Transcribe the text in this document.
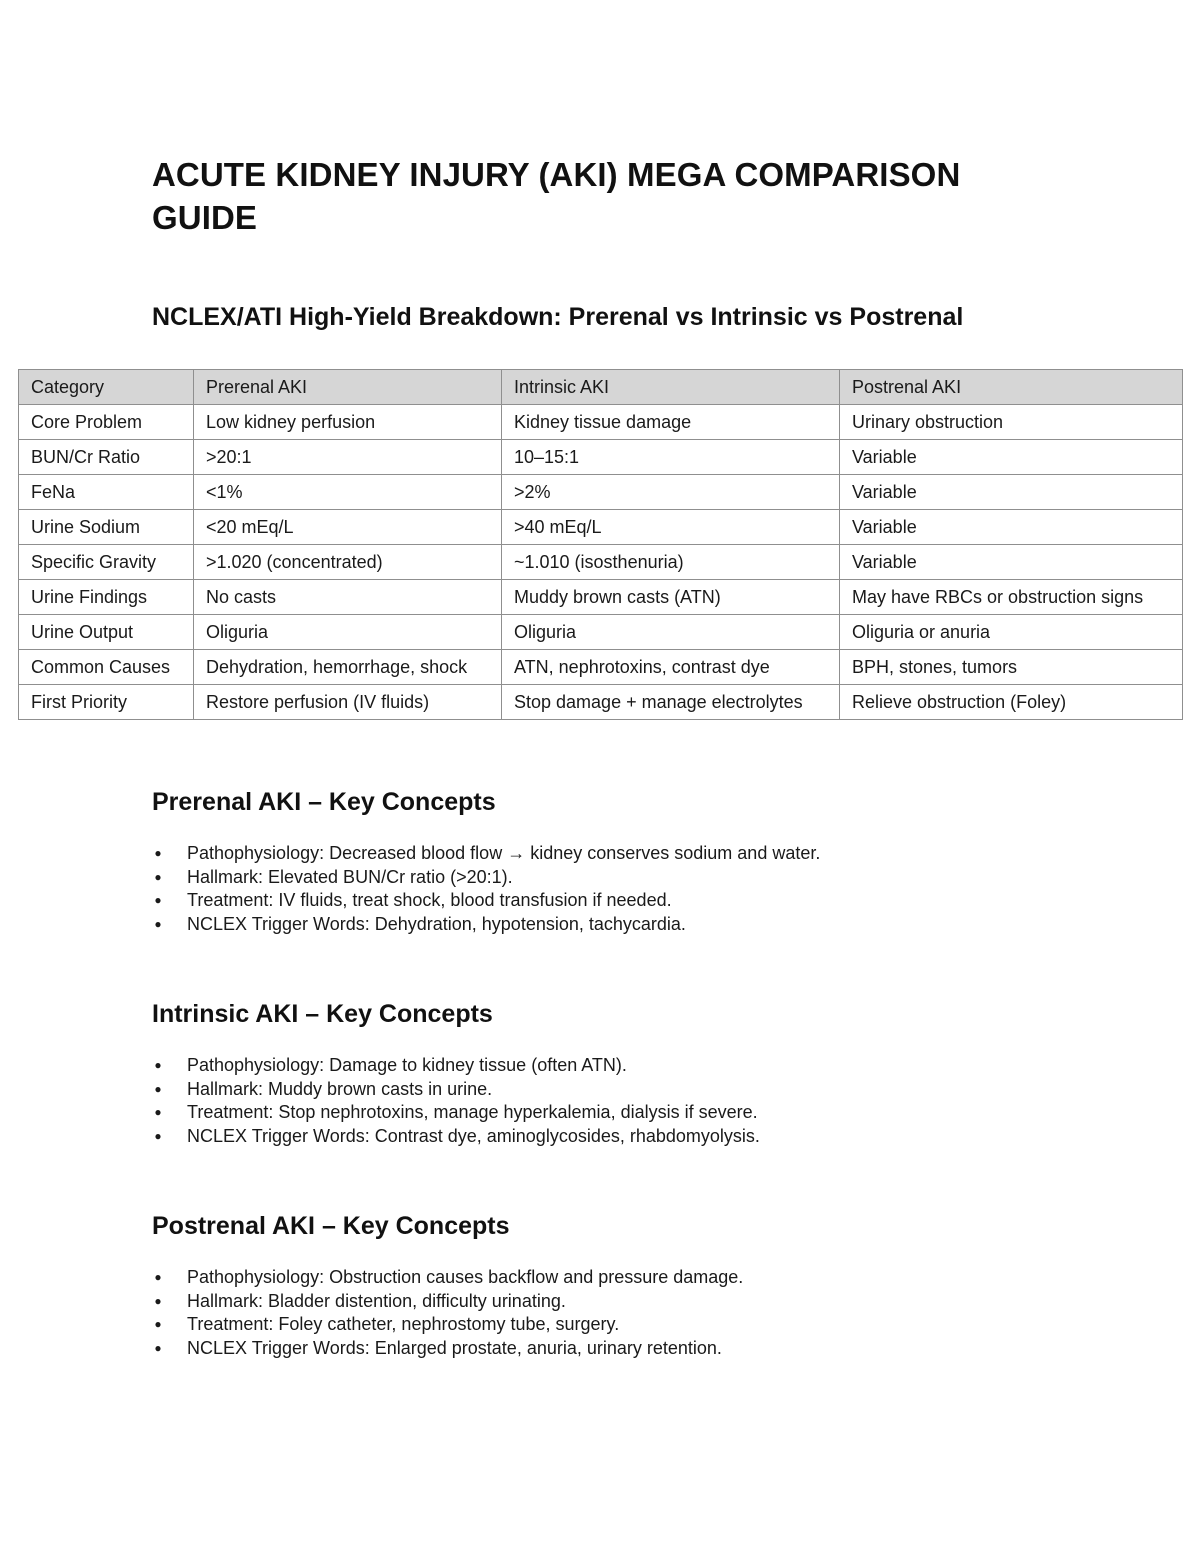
ACUTE KIDNEY INJURY (AKI) MEGA COMPARISON GUIDE
NCLEX/ATI High-Yield Breakdown: Prerenal vs Intrinsic vs Postrenal
Category	Prerenal AKI	Intrinsic AKI	Postrenal AKI
Core Problem	Low kidney perfusion	Kidney tissue damage	Urinary obstruction
BUN/Cr Ratio	>20:1	10–15:1	Variable
FeNa	<1%	>2%	Variable
Urine Sodium	<20 mEq/L	>40 mEq/L	Variable
Specific Gravity	>1.020 (concentrated)	~1.010 (isosthenuria)	Variable
Urine Findings	No casts	Muddy brown casts (ATN)	May have RBCs or obstruction signs
Urine Output	Oliguria	Oliguria	Oliguria or anuria
Common Causes	Dehydration, hemorrhage, shock	ATN, nephrotoxins, contrast dye	BPH, stones, tumors
First Priority	Restore perfusion (IV fluids)	Stop damage + manage electrolytes	Relieve obstruction (Foley)
Prerenal AKI – Key Concepts
● Pathophysiology: Decreased blood flow → kidney conserves sodium and water.
● Hallmark: Elevated BUN/Cr ratio (>20:1).
● Treatment: IV fluids, treat shock, blood transfusion if needed.
● NCLEX Trigger Words: Dehydration, hypotension, tachycardia.
Intrinsic AKI – Key Concepts
● Pathophysiology: Damage to kidney tissue (often ATN).
● Hallmark: Muddy brown casts in urine.
● Treatment: Stop nephrotoxins, manage hyperkalemia, dialysis if severe.
● NCLEX Trigger Words: Contrast dye, aminoglycosides, rhabdomyolysis.
Postrenal AKI – Key Concepts
● Pathophysiology: Obstruction causes backflow and pressure damage.
● Hallmark: Bladder distention, difficulty urinating.
● Treatment: Foley catheter, nephrostomy tube, surgery.
● NCLEX Trigger Words: Enlarged prostate, anuria, urinary retention.
